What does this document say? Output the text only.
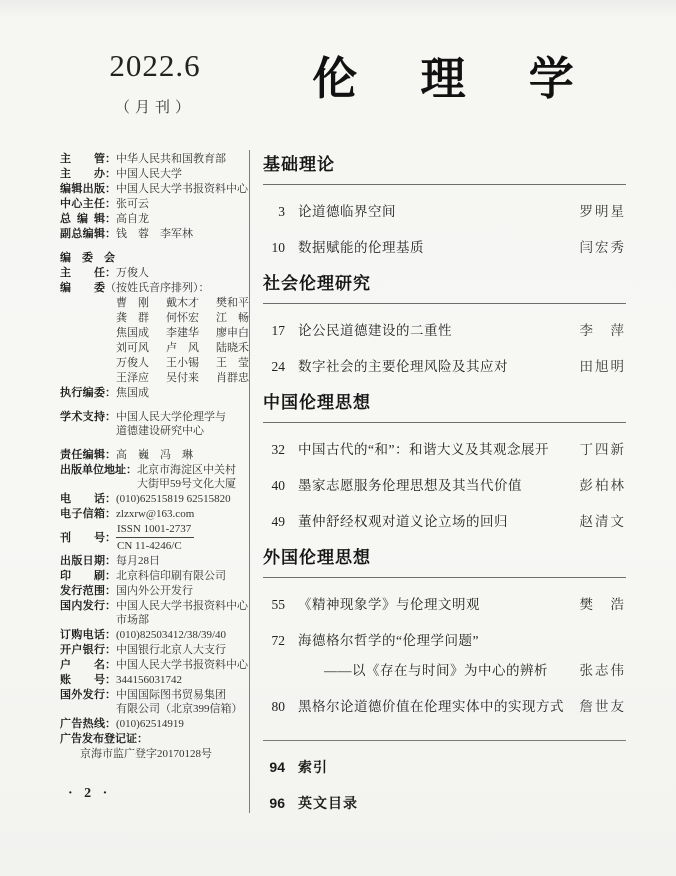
2022.6
（月刊）
伦 理 学
主管 ： 中华人民共和国教育部
主办 ： 中国人民大学
编辑出版 ： 中国人民大学书报资料中心
中心主任 ： 张可云
总编辑 ： 高自龙
副总编辑 ： 钱　蓉　李军林
编　委　会
主任 ： 万俊人
编委 （按姓氏音序排列）：
曹　刚	戴木才	樊和平
龚　群	何怀宏	江　畅
焦国成	李建华	廖申白
刘可风	卢　风	陆晓禾
万俊人	王小锡	王　莹
王泽应	吴付来	肖群忠
执行编委 ： 焦国成
学术支持 ： 中国人民大学伦理学与
道德建设研究中心
责任编辑 ： 高　巍　冯　琳
出版单位地址 ： 北京市海淀区中关村
大街甲59号文化大厦
电话 ： (010)62515819 62515820
电子信箱 ： zlzxrw@163.com
刊号 ： $\frac{\text{ISSN 1001-2737}}{CN 11-4246/C}$
出版日期 ： 每月28日
印刷 ： 北京科信印刷有限公司
发行范围 ： 国内外公开发行
国内发行 ： 中国人民大学书报资料中心
市场部
订购电话 ： (010)82503412/38/39/40
开户银行 ： 中国银行北京人大支行
户名 ： 中国人民大学书报资料中心
账号 ： 344156031742
国外发行 ： 中国国际图书贸易集团
有限公司（北京399信箱）
广告热线 ： (010)62514919
广告发布登记证 ：
京海市监广登字20170128号
基础理论
3 论道德临界空间	罗明星
10 数据赋能的伦理基质	闫宏秀
社会伦理研究
17 论公民道德建设的二重性	李　萍
24 数字社会的主要伦理风险及其应对	田旭明
中国伦理思想
32 中国古代的“和”：和谐大义及其观念展开	丁四新
40 墨家志愿服务伦理思想及其当代价值	彭柏林
49 董仲舒经权观对道义论立场的回归	赵清文
外国伦理思想
55 《精神现象学》与伦理文明观	樊　浩
72 海德格尔哲学的“伦理学问题”
——以《存在与时间》为中心的辨析	张志伟
80 黑格尔论道德价值在伦理实体中的实现方式	詹世友
94 索引
96 英文目录
· 2 ·
